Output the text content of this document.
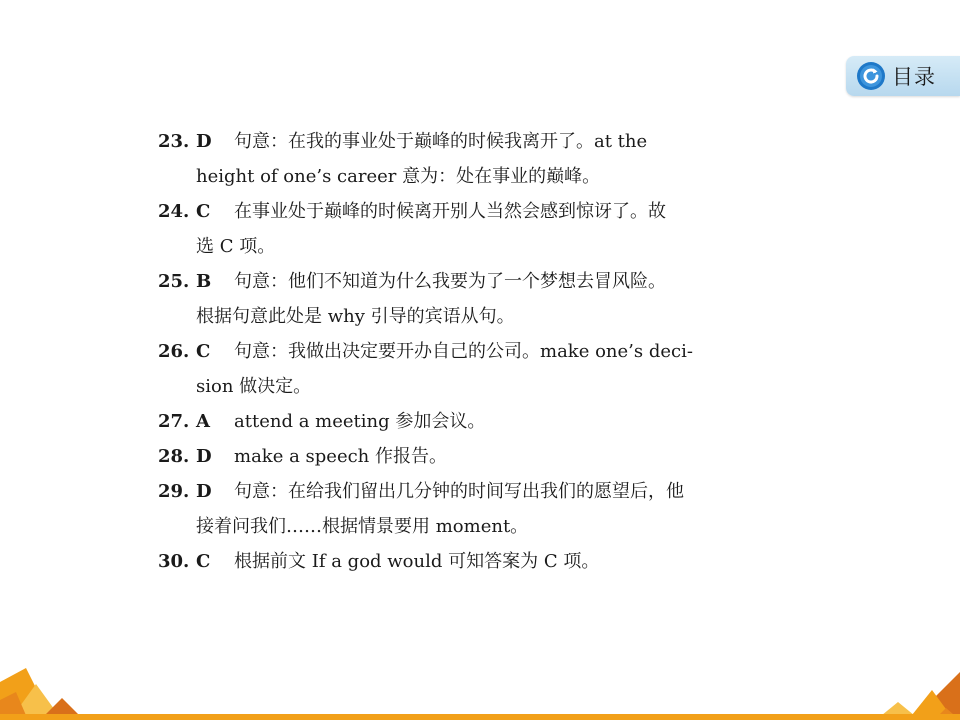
目录
23. D	句意：在我的事业处于巅峰的时候我离开了。at the
height of one’s career 意为：处在事业的巅峰。
24. C	在事业处于巅峰的时候离开别人当然会感到惊讶了。故
选 C 项。
25. B	句意：他们不知道为什么我要为了一个梦想去冒风险。
根据句意此处是 why 引导的宾语从句。
26. C	句意：我做出决定要开办自己的公司。make one’s deci-
sion 做决定。
27. A	attend a meeting 参加会议。
28. D	make a speech 作报告。
29. D	句意：在给我们留出几分钟的时间写出我们的愿望后，他
接着问我们……根据情景要用 moment。
30. C	根据前文 If a god would 可知答案为 C 项。
